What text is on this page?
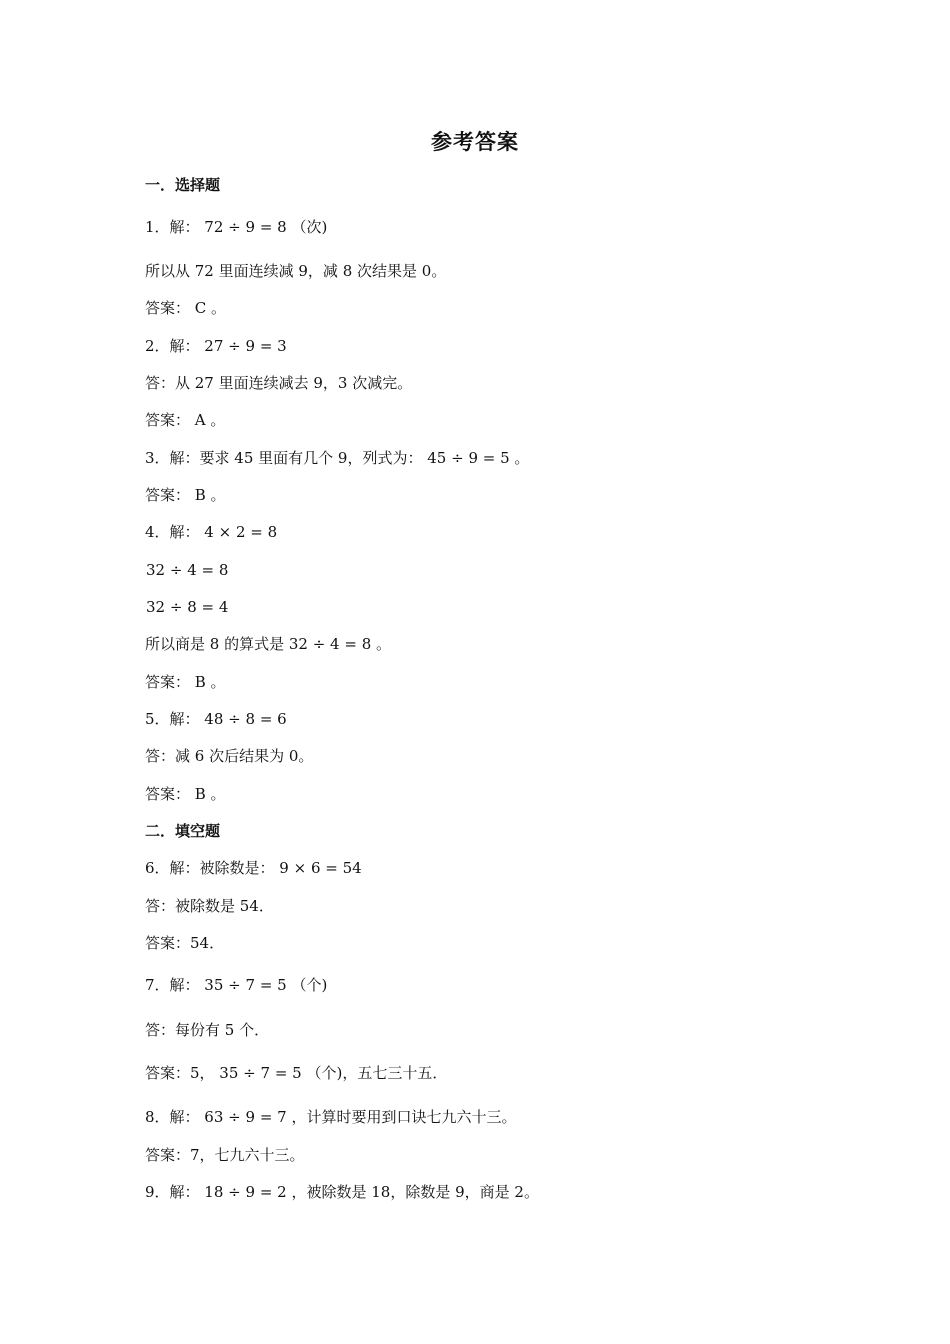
参考答案
一．选择题
1．解： 72 ÷ 9 = 8 （次)
所以从 72 里面连续减 9，减 8 次结果是 0。
答案： C 。
2．解： 27 ÷ 9 = 3
答：从 27 里面连续减去 9，3 次减完。
答案： A 。
3．解：要求 45 里面有几个 9，列式为： 45 ÷ 9 = 5 。
答案： B 。
4．解： 4 × 2 = 8
32 ÷ 4 = 8
32 ÷ 8 = 4
所以商是 8 的算式是 32 ÷ 4 = 8 。
答案： B 。
5．解： 48 ÷ 8 = 6
答：减 6 次后结果为 0。
答案： B 。
二．填空题
6．解：被除数是： 9 × 6 = 54
答：被除数是 54．
答案：54．
7．解： 35 ÷ 7 = 5 （个)
答：每份有 5 个．
答案：5， 35 ÷ 7 = 5 （个)，五七三十五．
8．解： 63 ÷ 9 = 7 ，计算时要用到口诀七九六十三。
答案：7，七九六十三。
9．解： 18 ÷ 9 = 2 ，被除数是 18，除数是 9，商是 2。
